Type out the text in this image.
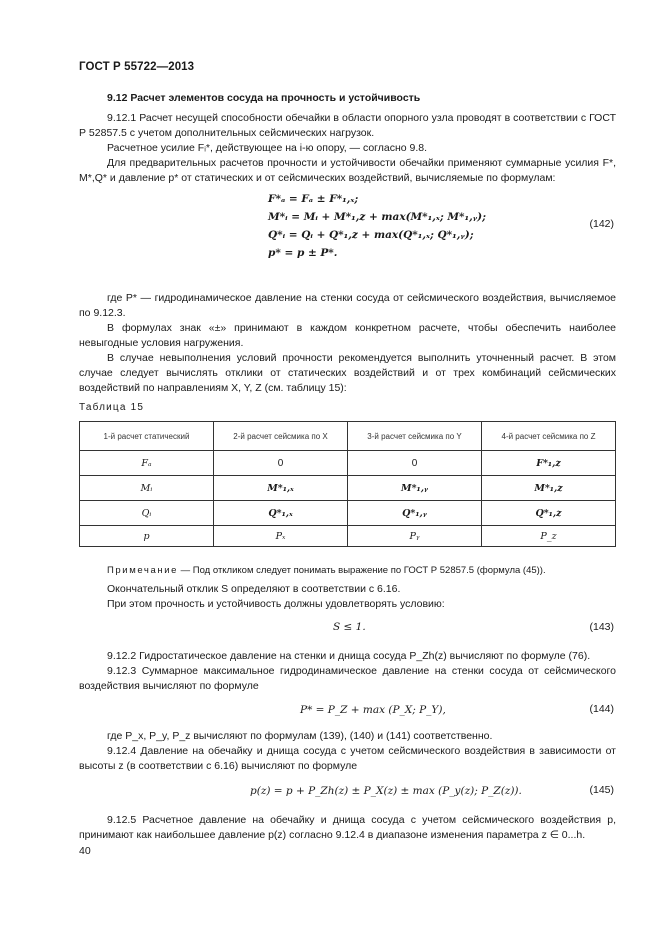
ГОСТ Р 55722—2013
9.12 Расчет элементов сосуда на прочность и устойчивость
9.12.1 Расчет несущей способности обечайки в области опорного узла проводят в соответствии с ГОСТ Р 52857.5 с учетом дополнительных сейсмических нагрузок.
Расчетное усилие Fᵢ*, действующее на i-ю опору, — согласно 9.8.
Для предварительных расчетов прочности и устойчивости обечайки применяют суммарные усилия F*, M*,Q* и давление p* от статических и от сейсмических воздействий, вычисляемые по формулам:
F*ₐ = Fₐ ± F*₁,ₓ;
M*ᵢ = Mᵢ + M*₁,z + max(M*₁,ₓ; M*₁,ᵧ);
Q*ᵢ = Qᵢ + Q*₁,z + max(Q*₁,ₓ; Q*₁,ᵧ);
p* = p ± P*.
(142)
где P* — гидродинамическое давление на стенки сосуда от сейсмического воздействия, вычисляемое по 9.12.3.
В формулах знак «±» принимают в каждом конкретном расчете, чтобы обеспечить наиболее невыгодные условия нагружения.
В случае невыполнения условий прочности рекомендуется выполнить уточненный расчет. В этом случае следует вычислять отклики от статических воздействий и от трех комбинаций сейсмических воздействий по направлениям X, Y, Z (см. таблицу 15):
Таблица 15
1-й расчет статический	2-й расчет сейсмика по X	3-й расчет сейсмика по Y	4-й расчет сейсмика по Z
Fₐ	0	0	F*₁,z
Mᵢ	M*₁,ₓ	M*₁,ᵧ	M*₁,z
Qᵢ	Q*₁,ₓ	Q*₁,ᵧ	Q*₁,z
p	Pₓ	Pᵧ	P_z
Примечание — Под откликом следует понимать выражение по ГОСТ Р 52857.5 (формула (45)).
Окончательный отклик S определяют в соответствии с 6.16.
При этом прочность и устойчивость должны удовлетворять условию:
S ≤ 1.	(143)
9.12.2 Гидростатическое давление на стенки и днища сосуда P_Zh(z) вычисляют по формуле (76).
9.12.3 Суммарное максимальное гидродинамическое давление на стенки сосуда от сейсмического воздействия вычисляют по формуле
P* = P_Z + max (P_X; P_Y),	(144)
где P_x, P_y, P_z вычисляют по формулам (139), (140) и (141) соответственно.
9.12.4 Давление на обечайку и днища сосуда с учетом сейсмического воздействия в зависимости от высоты z (в соответствии с 6.16) вычисляют по формуле
p(z) = p + P_Zh(z) ± P_X(z) ± max (P_y(z); P_Z(z)).	(145)
9.12.5 Расчетное давление на обечайку и днища сосуда с учетом сейсмического воздействия p, принимают как наибольшее давление p(z) согласно 9.12.4 в диапазоне изменения параметра z ∈ 0...h.
40
